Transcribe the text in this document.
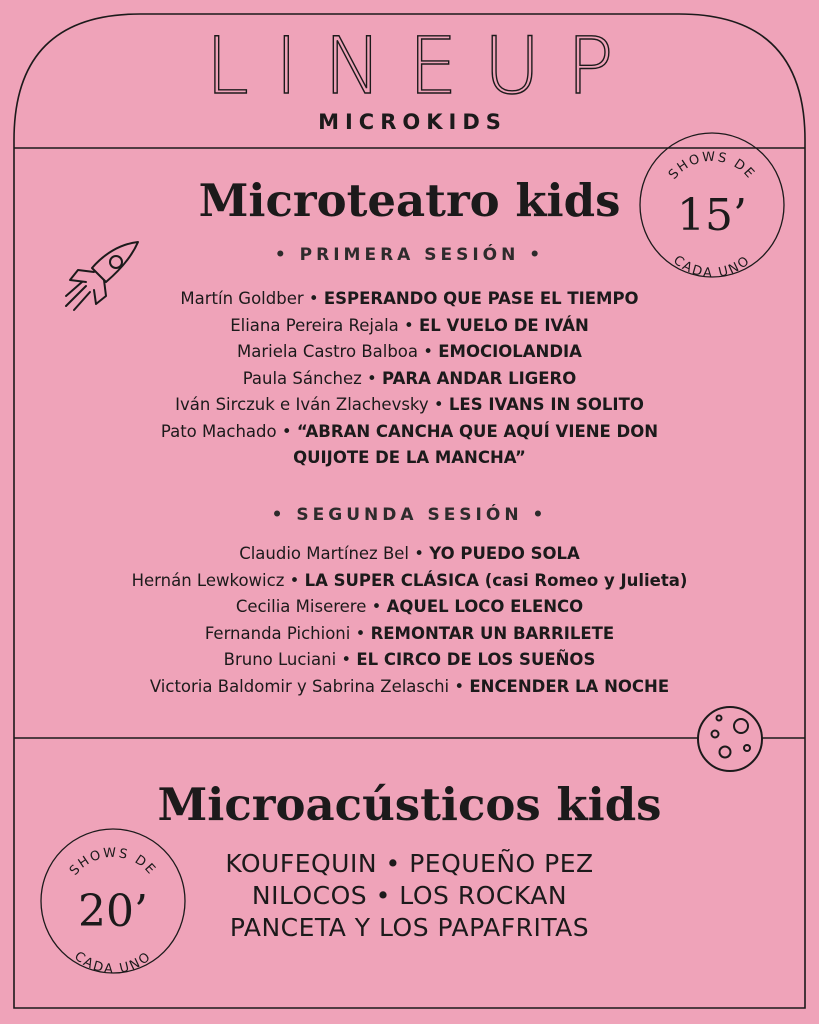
LINEUP
MICROKIDS
Microteatro kids
SHOWS DE
15’
CADA UNO
• PRIMERA SESIÓN •
Martín Goldber • ESPERANDO QUE PASE EL TIEMPO
Eliana Pereira Rejala • EL VUELO DE IVÁN
Mariela Castro Balboa • EMOCIOLANDIA
Paula Sánchez • PARA ANDAR LIGERO
Iván Sirczuk e Iván Zlachevsky • LES IVANS IN SOLITO
Pato Machado • “ABRAN CANCHA QUE AQUÍ VIENE DON QUIJOTE DE LA MANCHA”
• SEGUNDA SESIÓN •
Claudio Martínez Bel • YO PUEDO SOLA
Hernán Lewkowicz • LA SUPER CLÁSICA (casi Romeo y Julieta)
Cecilia Miserere • AQUEL LOCO ELENCO
Fernanda Pichioni • REMONTAR UN BARRILETE
Bruno Luciani • EL CIRCO DE LOS SUEÑOS
Victoria Baldomir y Sabrina Zelaschi • ENCENDER LA NOCHE
Microacústicos kids
SHOWS DE
20’
CADA UNO
KOUFEQUIN • PEQUEÑO PEZ
NILOCOS • LOS ROCKAN
PANCETA Y LOS PAPAFRITAS
